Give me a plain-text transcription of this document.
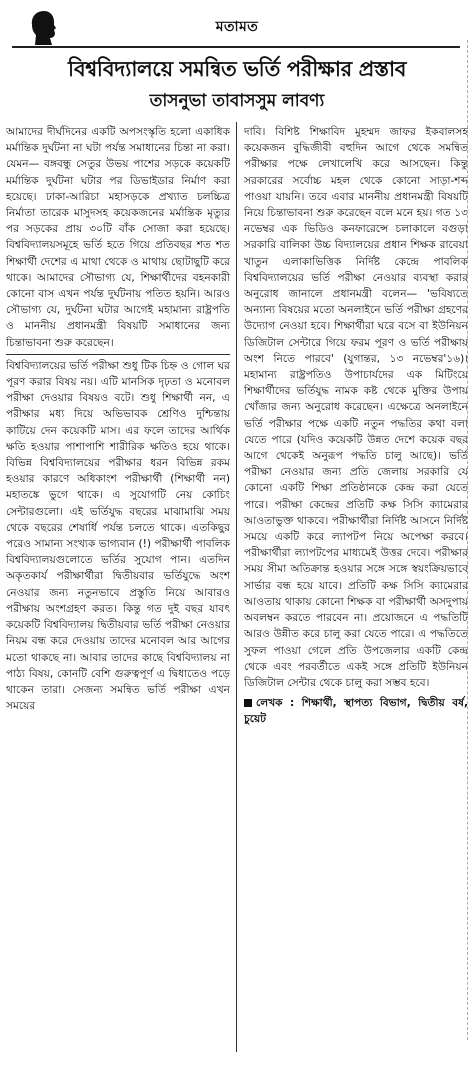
মতামত
বিশ্ববিদ্যালয়ে সমন্বিত ভর্তি পরীক্ষার প্রস্তাব
তাসনুভা তাবাসসুম লাবণ্য

আমাদের দীর্ঘদিনের একটি অপসংস্কৃতি হলো একাধিক মর্মান্তিক দুর্ঘটনা না ঘটা পর্যন্ত সমাধানের চিন্তা না করা। যেমন— বঙ্গবন্ধু সেতুর উভয় পাশের সড়কে কয়েকটি মর্মান্তিক দুর্ঘটনা ঘটার পর ডিভাইডার নির্মাণ করা হয়েছে। ঢাকা-আরিচা মহাসড়কে প্রখ্যাত চলচ্চিত্র নির্মাতা তারেক মাসুদসহ কয়েকজনের মর্মান্তিক মৃত্যুর পর সড়কের প্রায় ৩০টি বাঁক সোজা করা হয়েছে। বিশ্ববিদ্যালয়সমূহে ভর্তি হতে গিয়ে প্রতিবছর শত শত শিক্ষার্থী দেশের এ মাথা থেকে ও মাথায় ছোটাছুটি করে থাকে। আমাদের সৌভাগ্য যে, শিক্ষার্থীদের বহনকারী কোনো বাস এখন পর্যন্ত দুর্ঘটনায় পতিত হয়নি। আরও সৌভাগ্য যে, দুর্ঘটনা ঘটার আগেই মহামান্য রাষ্ট্রপতি ও মাননীয় প্রধানমন্ত্রী বিষয়টি সমাধানের জন্য চিন্তাভাবনা শুরু করেছেন।

বিশ্ববিদ্যালয়ের ভর্তি পরীক্ষা শুধু টিক চিহ্ন ও গোল ঘর পূরণ করার বিষয় নয়। এটি মানসিক দৃঢ়তা ও মনোবল পরীক্ষা দেওয়ার বিষয়ও বটে। শুধু শিক্ষার্থী নন, এ পরীক্ষার মধ্য দিয়ে অভিভাবক শ্রেণিও দুশ্চিন্তায় কাটিয়ে দেন কয়েকটি মাস। এর ফলে তাদের আর্থিক ক্ষতি হওয়ার পাশাপাশি শারীরিক ক্ষতিও হয়ে থাকে। বিভিন্ন বিশ্ববিদ্যালয়ের পরীক্ষার ধরন বিভিন্ন রকম হওয়ার কারণে অধিকাংশ পরীক্ষার্থী (শিক্ষার্থী নন) মহাতঙ্কে ভুগে থাকে। এ সুযোগটি নেয় কোচিং সেন্টারগুলো। এই ভর্তিযুদ্ধ বছরের মাঝামাঝি সময় থেকে বছরের শেষার্ধি পর্যন্ত চলতে থাকে। এতকিছুর পরেও সামান্য সংখ্যক ভাগ্যবান (!) পরীক্ষার্থী পাবলিক বিশ্ববিদ্যালয়গুলোতে ভর্তির সুযোগ পান। এতদিন অকৃতকার্য পরীক্ষার্থীরা দ্বিতীয়বার ভর্তিযুদ্ধে অংশ নেওয়ার জন্য নতুনভাবে প্রস্তুতি নিয়ে আবারও পরীক্ষায় অংশগ্রহণ করত। কিন্তু গত দুই বছর যাবৎ কয়েকটি বিশ্ববিদ্যালয় দ্বিতীয়বার ভর্তি পরীক্ষা নেওয়ার নিয়ম বন্ধ করে দেওয়ায় তাদের মনোবল আর আগের মতো থাকছে না। আবার তাদের কাছে বিশ্ববিদ্যালয় না পাঠ্য বিষয়, কোনটি বেশি গুরুত্বপূর্ণ এ দ্বিধাতেও পড়ে থাকেন তারা। সেজন্য সমন্বিত ভর্তি পরীক্ষা এখন সময়ের

দাবি। বিশিষ্ট শিক্ষাবিদ মুহম্মদ জাফর ইকবালসহ কয়েকজন বুদ্ধিজীবী বহুদিন আগে থেকে সমন্বিত পরীক্ষার পক্ষে লেখালেখি করে আসছেন। কিন্তু সরকারের সর্বোচ্চ মহল থেকে কোনো সাড়া-শব্দ পাওয়া যায়নি। তবে এবার মাননীয় প্রধানমন্ত্রী বিষয়টি নিয়ে চিন্তাভাবনা শুরু করেছেন বলে মনে হয়। গত ১৩ নভেম্বর এক ভিডিও কনফারেন্সে চলাকালে বগুড়া সরকারি বালিকা উচ্চ বিদ্যালয়ের প্রধান শিক্ষক রাবেয়া খাতুন এলাকাভিত্তিক নির্দিষ্ট কেন্দ্রে পাবলিক বিশ্ববিদ্যালয়ের ভর্তি পরীক্ষা নেওয়ার ব্যবস্থা করার অনুরোধ জানালে প্রধানমন্ত্রী বলেন— 'ভবিষ্যতে অন্যান্য বিষয়ের মতো অনলাইনে ভর্তি পরীক্ষা গ্রহণের উদ্যোগ নেওয়া হবে। শিক্ষার্থীরা ঘরে বসে বা ইউনিয়ন ডিজিটাল সেন্টারে গিয়ে ফরম পূরণ ও ভর্তি পরীক্ষায় অংশ নিতে পারবে' (যুগান্তর, ১৩ নভেম্বর'১৬)। মহামান্য রাষ্ট্রপতিও উপাচার্যদের এক মিটিংয়ে শিক্ষার্থীদের ভর্তিযুদ্ধ নামক কষ্ট থেকে মুক্তির উপায় খোঁজার জন্য অনুরোধ করেছেন। এক্ষেত্রে অনলাইনে ভর্তি পরীক্ষার পক্ষে একটি নতুন পদ্ধতির কথা বলা যেতে পারে (যদিও কয়েকটি উন্নত দেশে কয়েক বছর আগে থেকেই অনুরূপ পদ্ধতি চালু আছে)। ভর্তি পরীক্ষা নেওয়ার জন্য প্রতি জেলায় সরকারি যে কোনো একটি শিক্ষা প্রতিষ্ঠানকে কেন্দ্র করা যেতে পারে। পরীক্ষা কেন্দ্রের প্রতিটি কক্ষ সিসি ক্যামেরার আওতাভুক্ত থাকবে। পরীক্ষার্থীরা নির্দিষ্ট আসনে নির্দিষ্ট সময়ে একটি করে ল্যাপটপ নিয়ে অপেক্ষা করবে। পরীক্ষার্থীরা ল্যাপটপের মাধ্যমেই উত্তর দেবে। পরীক্ষার সময় সীমা অতিক্রান্ত হওয়ার সঙ্গে সঙ্গে স্বয়ংক্রিয়ভাবে সার্ভার বন্ধ হয়ে যাবে। প্রতিটি কক্ষ সিসি ক্যামেরার আওতায় থাকায় কোনো শিক্ষক বা পরীক্ষার্থী অসদুপায় অবলম্বন করতে পারবেন না। প্রয়োজনে এ পদ্ধতিটি আরও উন্নীত করে চালু করা যেতে পারে। এ পদ্ধতিতে সুফল পাওয়া গেলে প্রতি উপজেলার একটি কেন্দ্র থেকে এবং পরবর্তীতে একই সঙ্গে প্রতিটি ইউনিয়ন ডিজিটাল সেন্টার থেকে চালু করা সম্ভব হবে।

লেখক : শিক্ষার্থী, স্থাপত্য বিভাগ, দ্বিতীয় বর্ষ, চুয়েট
